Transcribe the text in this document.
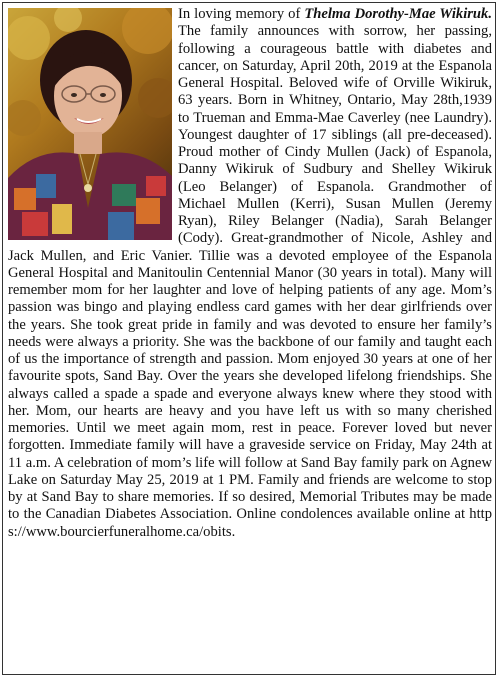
In loving memory of Thelma Dorothy-Mae Wikiruk. The family announces with sorrow, her passing, following a courageous battle with diabetes and cancer, on Saturday, April 20th, 2019 at the Espanola General Hospital. Beloved wife of Orville Wikiruk, 63 years. Born in Whitney, Ontario, May 28th,1939 to Trueman and Emma-Mae Caverley (nee Laundry). Youngest daughter of 17 siblings (all pre-deceased). Proud mother of Cindy Mullen (Jack) of Espanola, Danny Wikiruk of Sudbury and Shelley Wikiruk (Leo Belanger) of Espanola. Grandmother of Michael Mullen (Kerri), Susan Mullen (Jeremy Ryan), Riley Belanger (Nadia), Sarah Belanger (Cody). Great-grandmother of Nicole, Ashley and Jack Mullen, and Eric Vanier. Tillie was a devoted employee of the Espanola General Hospital and Manitoulin Centennial Manor (30 years in total). Many will remember mom for her laughter and love of helping patients of any age. Mom’s passion was bingo and playing endless card games with her dear girlfriends over the years. She took great pride in family and was devoted to ensure her family’s needs were always a priority. She was the backbone of our family and taught each of us the importance of strength and passion. Mom enjoyed 30 years at one of her favourite spots, Sand Bay. Over the years she developed lifelong friendships. She always called a spade a spade and everyone always knew where they stood with her. Mom, our hearts are heavy and you have left us with so many cherished memories. Until we meet again mom, rest in peace. Forever loved but never forgotten. Immediate family will have a graveside service on Friday, May 24th at 11 a.m. A celebration of mom’s life will follow at Sand Bay family park on Agnew Lake on Saturday May 25, 2019 at 1 PM. Family and friends are welcome to stop by at Sand Bay to share memories. If so desired, Memorial Tributes may be made to the Canadian Diabetes Association. Online condolences available online at https://www.bourcierfuneralhome.ca/obits.
